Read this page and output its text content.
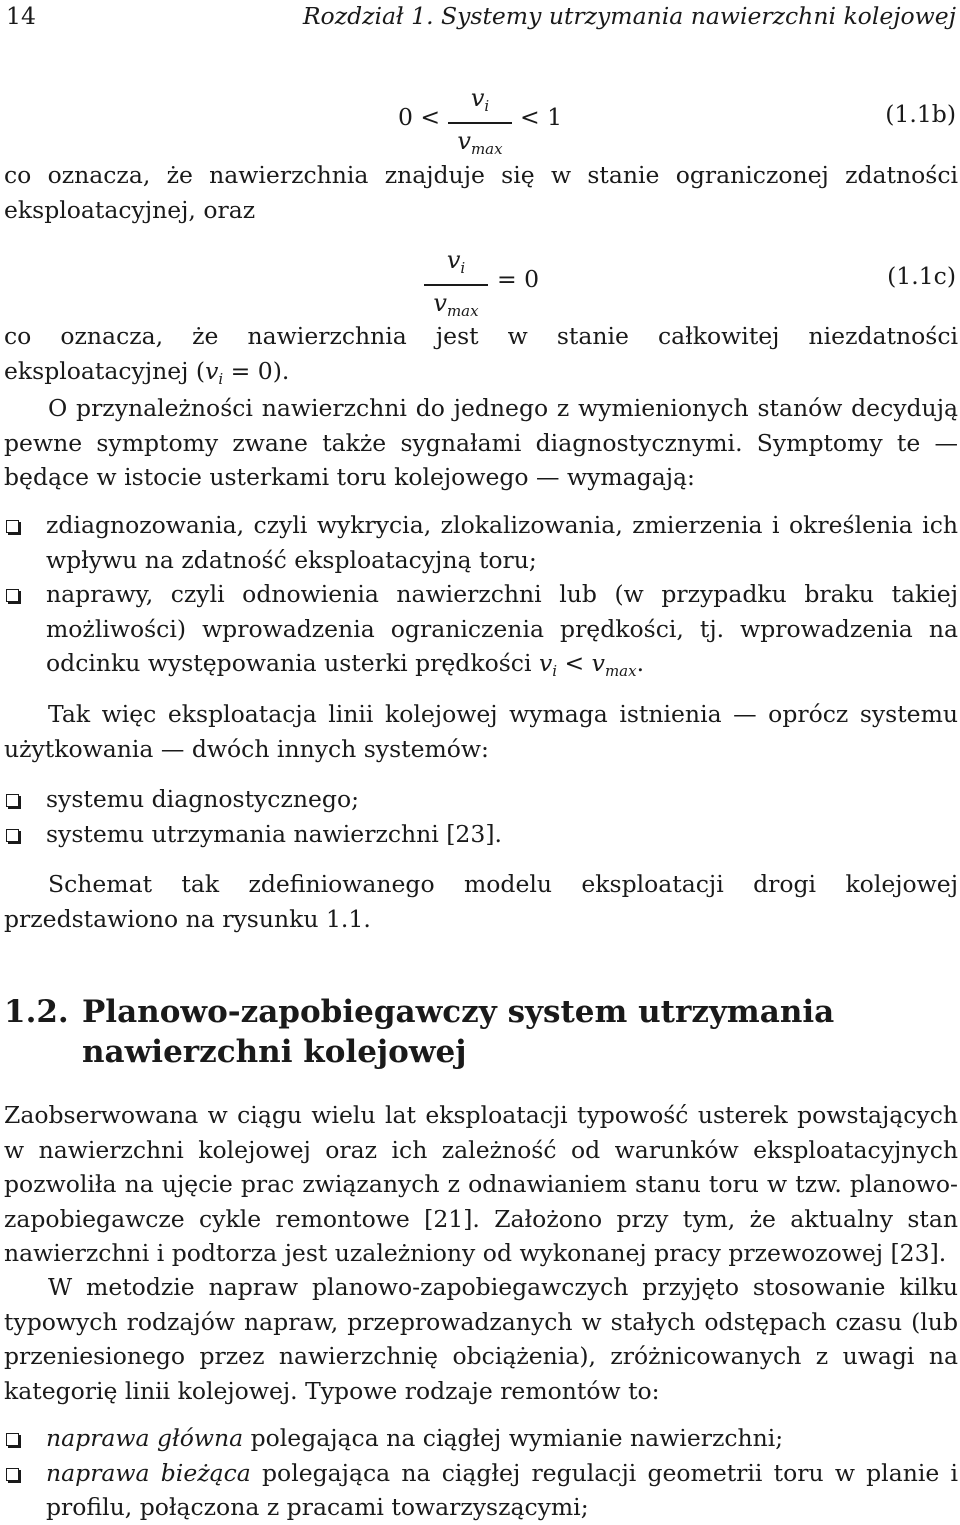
14	Rozdział 1. Systemy utrzymania nawierzchni kolejowej
0 <
$v_i$
$v_{max}$
< 1	(1.1b)
co oznacza, że nawierzchnia znajduje się w stanie ograniczonej zdatności eksploatacyjnej, oraz
$v_i$
$v_{max}$
= 0	(1.1c)
co oznacza, że nawierzchnia jest w stanie całkowitej niezdatności eksploatacyjnej $(v_i = 0)$.
O przynależności nawierzchni do jednego z wymienionych stanów decydują pewne symptomy zwane także sygnałami diagnostycznymi. Symptomy te — będące w istocie usterkami toru kolejowego — wymagają:
zdiagnozowania, czyli wykrycia, zlokalizowania, zmierzenia i określenia ich wpływu na zdatność eksploatacyjną toru;
naprawy, czyli odnowienia nawierzchni lub (w przypadku braku takiej możliwości) wprowadzenia ograniczenia prędkości, tj. wprowadzenia na odcinku występowania usterki prędkości $v_i < v_{max}$.
Tak więc eksploatacja linii kolejowej wymaga istnienia — oprócz systemu użytkowania — dwóch innych systemów:
systemu diagnostycznego;
systemu utrzymania nawierzchni [23].
Schemat tak zdefiniowanego modelu eksploatacji drogi kolejowej przedstawiono na rysunku 1.1.
1.2. Planowo-zapobiegawczy system utrzymania
nawierzchni kolejowej
Zaobserwowana w ciągu wielu lat eksploatacji typowość usterek powstających w nawierzchni kolejowej oraz ich zależność od warunków eksploatacyjnych pozwoliła na ujęcie prac związanych z odnawianiem stanu toru w tzw. planowo-zapobiegawcze cykle remontowe [21]. Założono przy tym, że aktualny stan nawierzchni i podtorza jest uzależniony od wykonanej pracy przewozowej [23].
W metodzie napraw planowo-zapobiegawczych przyjęto stosowanie kilku typowych rodzajów napraw, przeprowadzanych w stałych odstępach czasu (lub przeniesionego przez nawierzchnię obciążenia), zróżnicowanych z uwagi na kategorię linii kolejowej. Typowe rodzaje remontów to:
naprawa główna polegająca na ciągłej wymianie nawierzchni;
naprawa bieżąca polegająca na ciągłej regulacji geometrii toru w planie i profilu, połączona z pracami towarzyszącymi;
